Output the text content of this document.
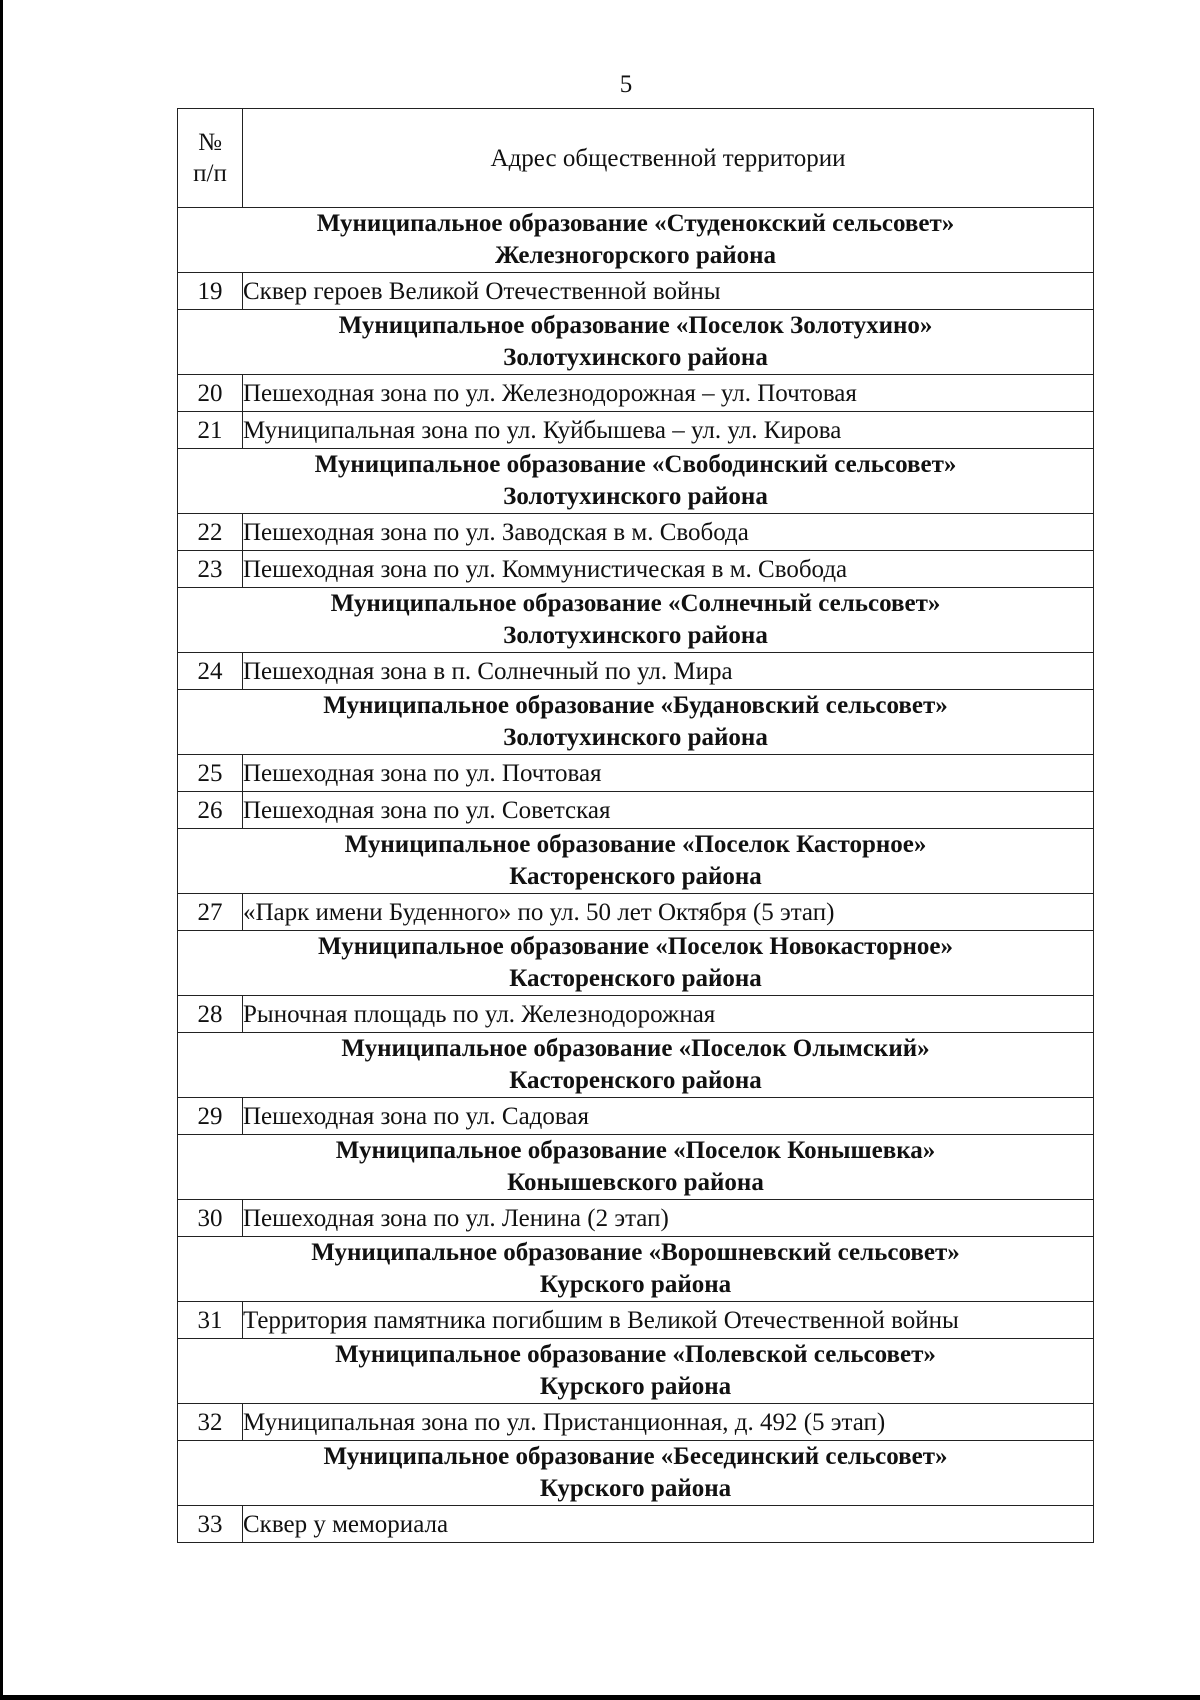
5
№
п/п	Адрес общественной территории

Муниципальное образование «Студенокский сельсовет»
Железногорского района	

19	Сквер героев Великой Отечественной войны

Муниципальное образование «Поселок Золотухино»
Золотухинского района	

20	Пешеходная зона по ул. Железнодорожная – ул. Почтовая
21	Муниципальная зона по ул. Куйбышева – ул. ул. Кирова

Муниципальное образование «Свободинский сельсовет»
Золотухинского района	

22	Пешеходная зона по ул. Заводская в м. Свобода
23	Пешеходная зона по ул. Коммунистическая в м. Свобода

Муниципальное образование «Солнечный сельсовет»
Золотухинского района	

24	Пешеходная зона в п. Солнечный по ул. Мира

Муниципальное образование «Будановский сельсовет»
Золотухинского района	

25	Пешеходная зона по ул. Почтовая
26	Пешеходная зона по ул. Советская

Муниципальное образование «Поселок Касторное»
Касторенского района	

27	«Парк имени Буденного» по ул. 50 лет Октября (5 этап)

Муниципальное образование «Поселок Новокасторное»
Касторенского района	

28	Рыночная площадь по ул. Железнодорожная

Муниципальное образование «Поселок Олымский»
Касторенского района	

29	Пешеходная зона по ул. Садовая

Муниципальное образование «Поселок Конышевка»
Конышевского района	

30	Пешеходная зона по ул. Ленина (2 этап)

Муниципальное образование «Ворошневский сельсовет»
Курского района	

31	Территория памятника погибшим в Великой Отечественной войны

Муниципальное образование «Полевской сельсовет»
Курского района	

32	Муниципальная зона по ул. Пристанционная, д. 492 (5 этап)

Муниципальное образование «Бесединский сельсовет»
Курского района	

33	Сквер у мемориала
